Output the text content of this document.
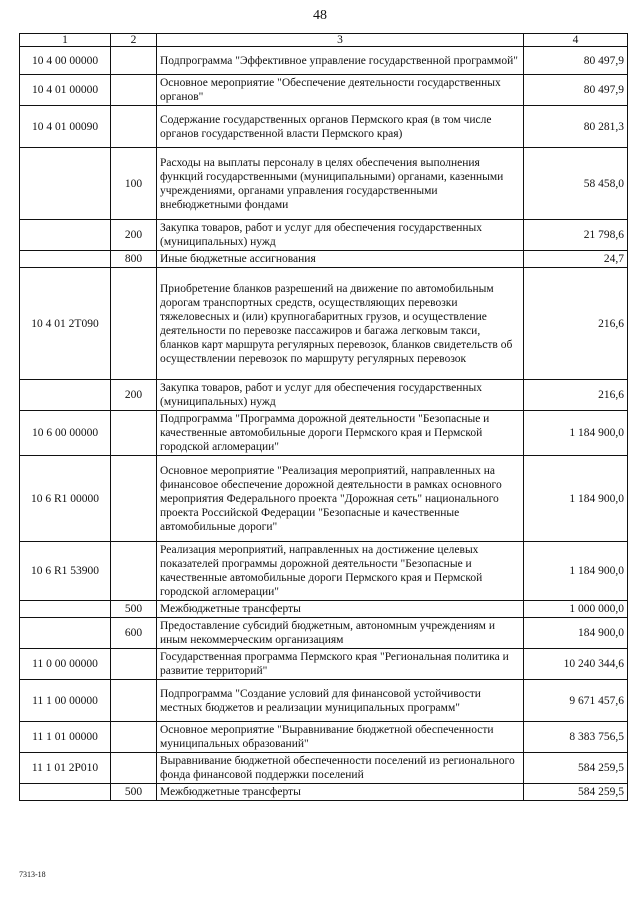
48
1	2	3	4
10 4 00 00000		Подпрограмма "Эффективное управление государственной программой"	80 497,9
10 4 01 00000		Основное мероприятие "Обеспечение деятельности государственных органов"	80 497,9
10 4 01 00090		Содержание государственных органов Пермского края (в том числе органов государственной власти Пермского края)	80 281,3
	100	Расходы на выплаты персоналу в целях обеспечения выполнения функций государственными (муниципальными) органами, казенными учреждениями, органами управления государственными внебюджетными фондами	58 458,0
	200	Закупка товаров, работ и услуг для обеспечения государственных (муниципальных) нужд	21 798,6
	800	Иные бюджетные ассигнования	24,7
10 4 01 2T090		Приобретение бланков разрешений на движение по автомобильным дорогам транспортных средств, осуществляющих перевозки тяжеловесных и (или) крупногабаритных грузов, и осуществление деятельности по перевозке пассажиров и багажа легковым такси, бланков карт маршрута регулярных перевозок, бланков свидетельств об осуществлении перевозок по маршруту регулярных перевозок	216,6
	200	Закупка товаров, работ и услуг для обеспечения государственных (муниципальных) нужд	216,6
10 6 00 00000		Подпрограмма "Программа дорожной деятельности "Безопасные и качественные автомобильные дороги Пермского края и Пермской городской агломерации"	1 184 900,0
10 6 R1 00000		Основное мероприятие "Реализация мероприятий, направленных на финансовое обеспечение дорожной деятельности в рамках основного мероприятия Федерального проекта "Дорожная сеть" национального проекта Российской Федерации "Безопасные и качественные автомобильные дороги"	1 184 900,0
10 6 R1 53900		Реализация мероприятий, направленных на достижение целевых показателей программы дорожной деятельности "Безопасные и качественные автомобильные дороги Пермского края и Пермской городской агломерации"	1 184 900,0
	500	Межбюджетные трансферты	1 000 000,0
	600	Предоставление субсидий бюджетным, автономным учреждениям и иным некоммерческим организациям	184 900,0
11 0 00 00000		Государственная программа Пермского края "Региональная политика и развитие территорий"	10 240 344,6
11 1 00 00000		Подпрограмма "Создание условий для финансовой устойчивости местных бюджетов и реализации муниципальных программ"	9 671 457,6
11 1 01 00000		Основное мероприятие "Выравнивание бюджетной обеспеченности муниципальных образований"	8 383 756,5
11 1 01 2P010		Выравнивание бюджетной обеспеченности поселений из регионального фонда финансовой поддержки поселений	584 259,5
	500	Межбюджетные трансферты	584 259,5
7313-18
